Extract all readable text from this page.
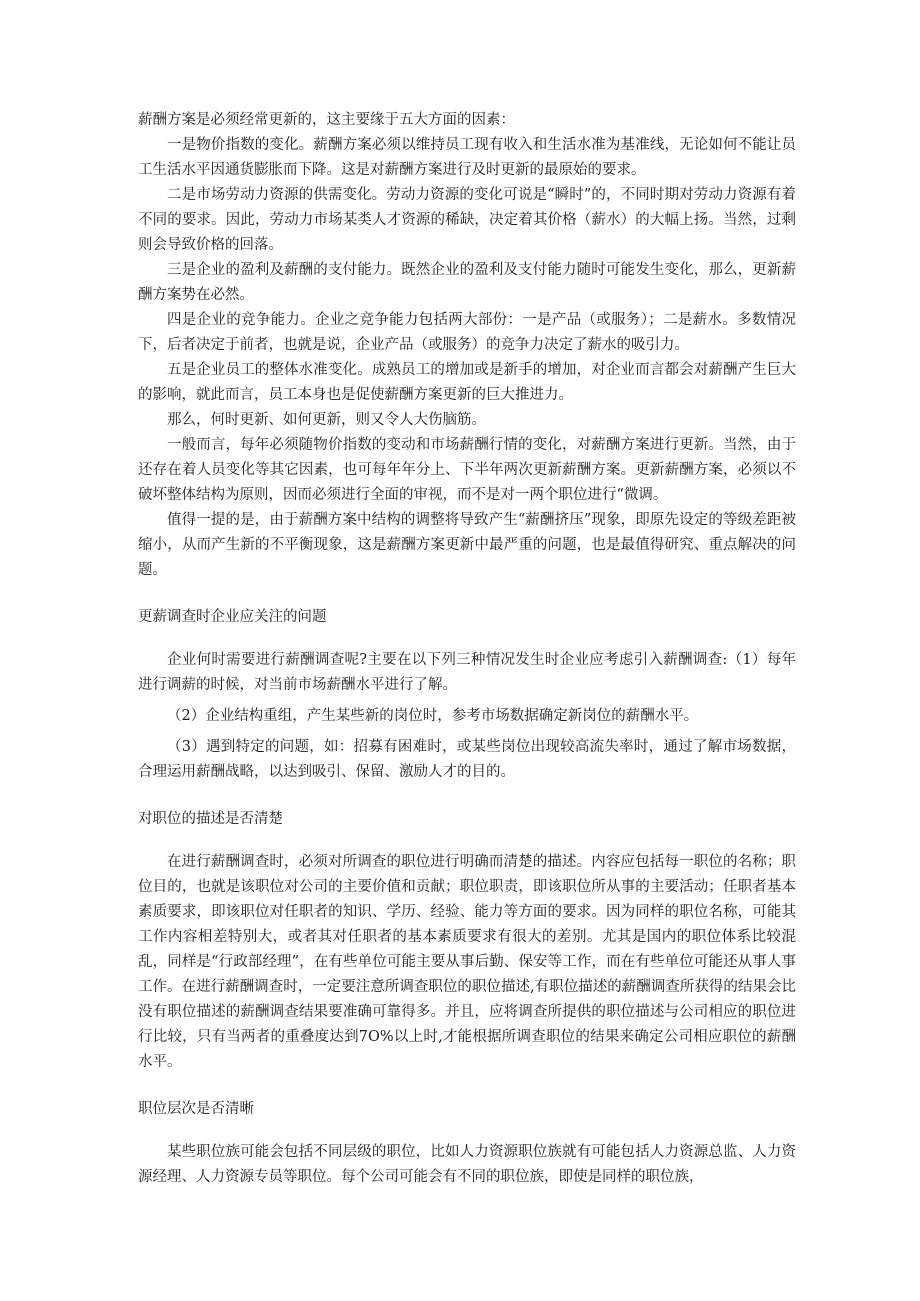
薪酬方案是必须经常更新的，这主要缘于五大方面的因素：

一是物价指数的变化。薪酬方案必须以维持员工现有收入和生活水准为基准线，无论如何不能让员工生活水平因通货膨胀而下降。这是对薪酬方案进行及时更新的最原始的要求。

二是市场劳动力资源的供需变化。劳动力资源的变化可说是“瞬时”的，不同时期对劳动力资源有着不同的要求。因此，劳动力市场某类人才资源的稀缺，决定着其价格（薪水）的大幅上扬。当然，过剩则会导致价格的回落。

三是企业的盈利及薪酬的支付能力。既然企业的盈利及支付能力随时可能发生变化，那么，更新薪酬方案势在必然。

四是企业的竞争能力。企业之竞争能力包括两大部份：一是产品（或服务）；二是薪水。多数情况下，后者决定于前者，也就是说，企业产品（或服务）的竞争力决定了薪水的吸引力。

五是企业员工的整体水准变化。成熟员工的增加或是新手的增加，对企业而言都会对薪酬产生巨大的影响，就此而言，员工本身也是促使薪酬方案更新的巨大推进力。

那么，何时更新、如何更新，则又令人大伤脑筋。

一般而言，每年必须随物价指数的变动和市场薪酬行情的变化，对薪酬方案进行更新。当然，由于还存在着人员变化等其它因素，也可每年年分上、下半年两次更新薪酬方案。更新薪酬方案，必须以不破坏整体结构为原则，因而必须进行全面的审视，而不是对一两个职位进行“微调。

值得一提的是，由于薪酬方案中结构的调整将导致产生“薪酬挤压”现象，即原先设定的等级差距被缩小，从而产生新的不平衡现象，这是薪酬方案更新中最严重的问题，也是最值得研究、重点解决的问题。

更薪调查时企业应关注的问题

企业何时需要进行薪酬调查呢?主要在以下列三种情况发生时企业应考虑引入薪酬调查:（1）每年进行调薪的时候，对当前市场薪酬水平进行了解。

（2）企业结构重组，产生某些新的岗位时，参考市场数据确定新岗位的薪酬水平。

（3）遇到特定的问题，如：招募有困难时，或某些岗位出现较高流失率时，通过了解市场数据，合理运用薪酬战略，以达到吸引、保留、激励人才的目的。

对职位的描述是否清楚

在进行薪酬调查时，必须对所调查的职位进行明确而清楚的描述。内容应包括每一职位的名称；职位目的，也就是该职位对公司的主要价值和贡献；职位职责，即该职位所从事的主要活动；任职者基本素质要求，即该职位对任职者的知识、学历、经验、能力等方面的要求。因为同样的职位名称，可能其工作内容相差特别大，或者其对任职者的基本素质要求有很大的差别。尤其是国内的职位体系比较混乱，同样是“行政部经理”，在有些单位可能主要从事后勤、保安等工作，而在有些单位可能还从事人事工作。在进行薪酬调查时，一定要注意所调查职位的职位描述,有职位描述的薪酬调查所获得的结果会比没有职位描述的薪酬调查结果要准确可靠得多。并且，应将调查所提供的职位描述与公司相应的职位进行比较，只有当两者的重叠度达到7O%以上时,才能根据所调查职位的结果来确定公司相应职位的薪酬水平。

职位层次是否清晰

某些职位族可能会包括不同层级的职位，比如人力资源职位族就有可能包括人力资源总监、人力资源经理、人力资源专员等职位。每个公司可能会有不同的职位族，即使是同样的职位族，
